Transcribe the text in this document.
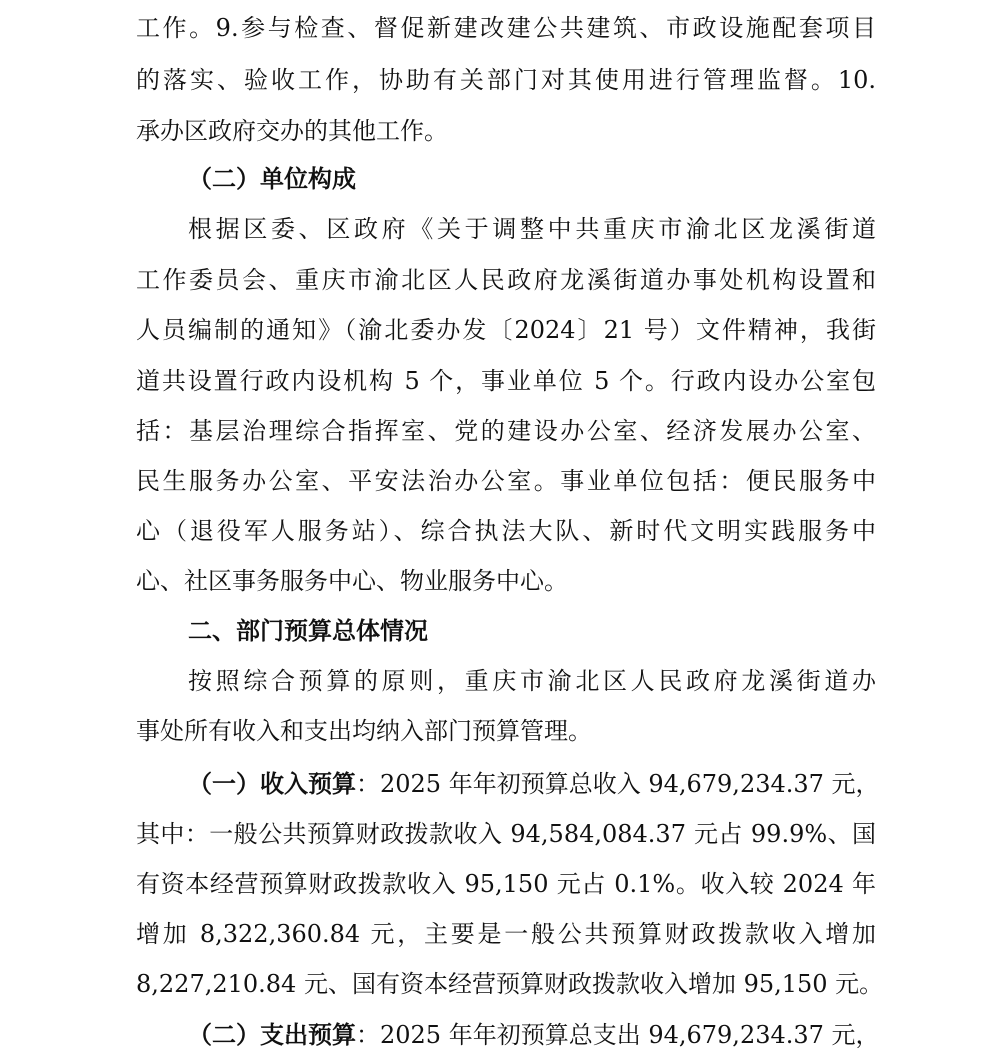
工作。9.参与检查、督促新建改建公共建筑、市政设施配套项目
的落实、验收工作，协助有关部门对其使用进行管理监督。10.
承办区政府交办的其他工作。
（二）单位构成
根据区委、区政府《关于调整中共重庆市渝北区龙溪街道
工作委员会、重庆市渝北区人民政府龙溪街道办事处机构设置和
人员编制的通知》（渝北委办发〔2024〕21 号）文件精神，我街
道共设置行政内设机构 5 个，事业单位 5 个。行政内设办公室包
括：基层治理综合指挥室、党的建设办公室、经济发展办公室、
民生服务办公室、平安法治办公室。事业单位包括：便民服务中
心（退役军人服务站）、综合执法大队、新时代文明实践服务中
心、社区事务服务中心、物业服务中心。
二、部门预算总体情况
按照综合预算的原则，重庆市渝北区人民政府龙溪街道办
事处所有收入和支出均纳入部门预算管理。
（一）收入预算：2025 年年初预算总收入 94,679,234.37 元，
其中：一般公共预算财政拨款收入 94,584,084.37 元占 99.9%、国
有资本经营预算财政拨款收入 95,150 元占 0.1%。收入较 2024 年
增加 8,322,360.84 元，主要是一般公共预算财政拨款收入增加
8,227,210.84 元、国有资本经营预算财政拨款收入增加 95,150 元。
（二）支出预算：2025 年年初预算总支出 94,679,234.37 元，
